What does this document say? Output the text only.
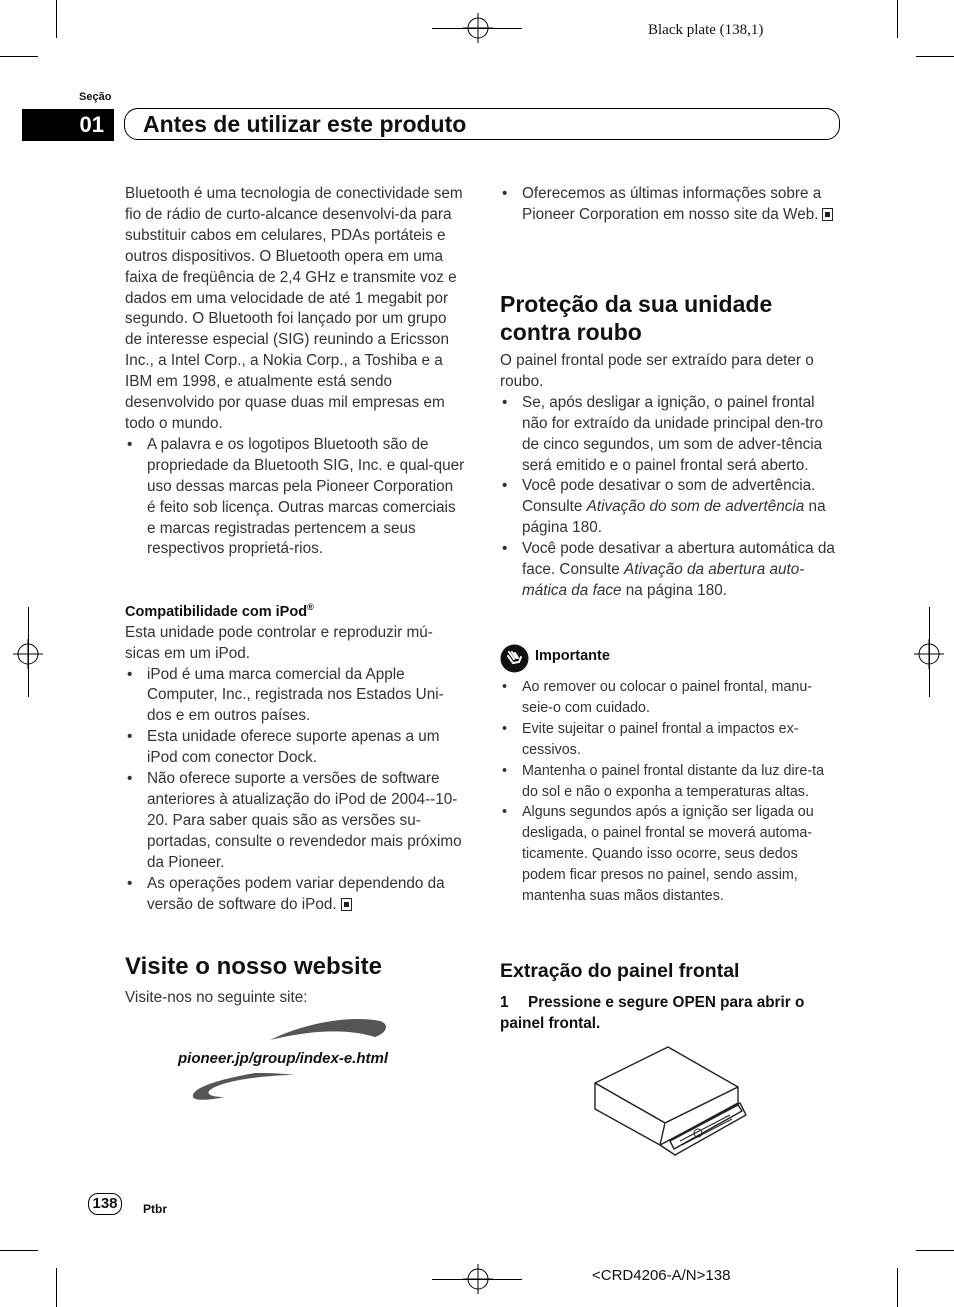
Black plate (138,1)
Seção
01	Antes de utilizar este produto

Bluetooth é uma tecnologia de conectividade sem fio de rádio de curto-alcance desenvolvi-da para substituir cabos em celulares, PDAs portáteis e outros dispositivos. O Bluetooth opera em uma faixa de freqüência de 2,4 GHz e transmite voz e dados em uma velocidade de até 1 megabit por segundo. O Bluetooth foi lançado por um grupo de interesse especial (SIG) reunindo a Ericsson Inc., a Intel Corp., a Nokia Corp., a Toshiba e a IBM em 1998, e atualmente está sendo desenvolvido por quase duas mil empresas em todo o mundo.

• A palavra e os logotipos Bluetooth são de propriedade da Bluetooth SIG, Inc. e qual-quer uso dessas marcas pela Pioneer Corporation é feito sob licença. Outras marcas comerciais e marcas registradas pertencem a seus respectivos proprietá-rios.

Compatibilidade com iPod®

Esta unidade pode controlar e reproduzir mú-sicas em um iPod.

• iPod é uma marca comercial da Apple Computer, Inc., registrada nos Estados Uni-dos e em outros países.

• Esta unidade oferece suporte apenas a um iPod com conector Dock.

• Não oferece suporte a versões de software anteriores à atualização do iPod de 2004--10-20. Para saber quais são as versões su-portadas, consulte o revendedor mais próximo da Pioneer.

• As operações podem variar dependendo da versão de software do iPod.

Visite o nosso website
Visite-nos no seguinte site:
pioneer.jp/group/index-e.html

• Oferecemos as últimas informações sobre a Pioneer Corporation em nosso site da Web.

Proteção da sua unidade contra roubo

O painel frontal pode ser extraído para deter o roubo.

• Se, após desligar a ignição, o painel frontal não for extraído da unidade principal den-tro de cinco segundos, um som de adver-tência será emitido e o painel frontal será aberto.

• Você pode desativar o som de advertência. Consulte Ativação do som de advertência na página 180.

• Você pode desativar a abertura automática da face. Consulte Ativação da abertura auto-mática da face na página 180.

Importante

• Ao remover ou colocar o painel frontal, manu-seie-o com cuidado.

• Evite sujeitar o painel frontal a impactos ex-cessivos.

• Mantenha o painel frontal distante da luz dire-ta do sol e não o exponha a temperaturas altas.

• Alguns segundos após a ignição ser ligada ou desligada, o painel frontal se moverá automa-ticamente. Quando isso ocorre, seus dedos podem ficar presos no painel, sendo assim, mantenha suas mãos distantes.

Extração do painel frontal
1 Pressione e segure OPEN para abrir o painel frontal.
138	Ptbr
<CRD4206-A/N>138
